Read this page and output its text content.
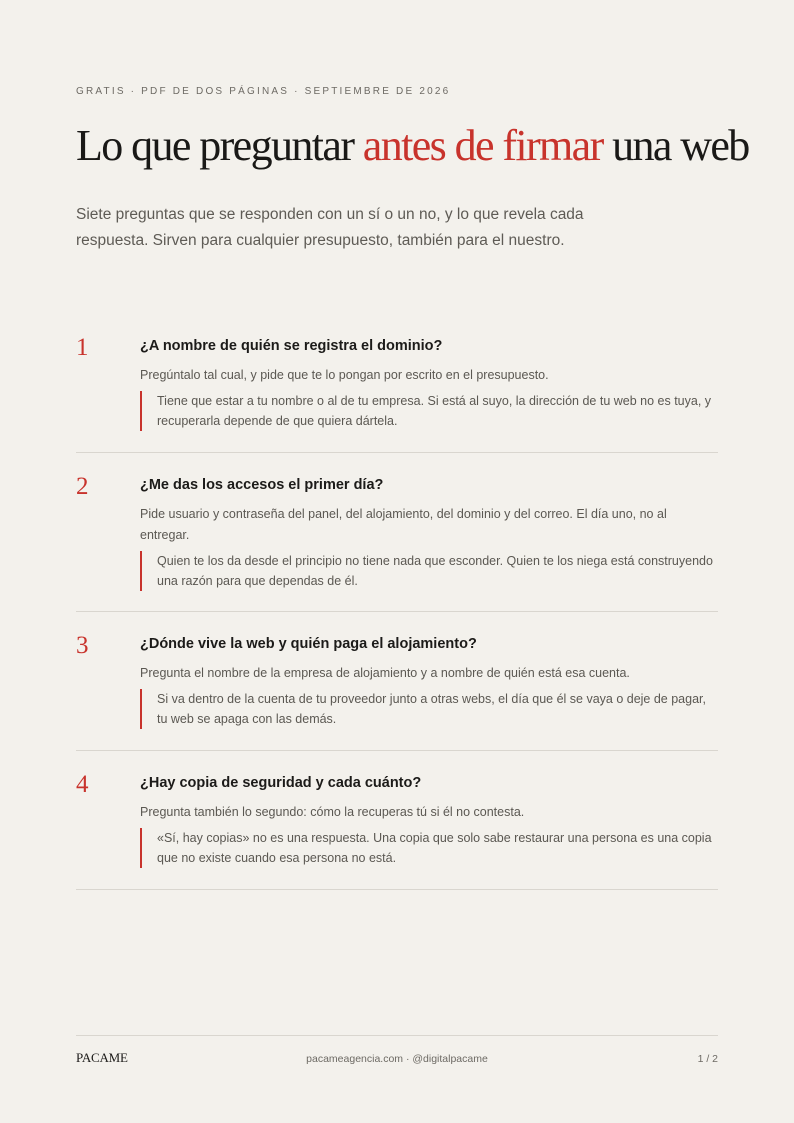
GRATIS · PDF DE DOS PÁGINAS · SEPTIEMBRE DE 2026
Lo que preguntar antes de firmar una web

Siete preguntas que se responden con un sí o un no, y lo que revela cada respuesta. Sirven para cualquier presupuesto, también para el nuestro.

1	¿A nombre de quién se registra el dominio?

Pregúntalo tal cual, y pide que te lo pongan por escrito en el presupuesto.

Tiene que estar a tu nombre o al de tu empresa. Si está al suyo, la dirección de tu web no es tuya, y recuperarla depende de que quiera dártela.

2	¿Me das los accesos el primer día?

Pide usuario y contraseña del panel, del alojamiento, del dominio y del correo. El día uno, no al entregar.

Quien te los da desde el principio no tiene nada que esconder. Quien te los niega está construyendo una razón para que dependas de él.

3	¿Dónde vive la web y quién paga el alojamiento?

Pregunta el nombre de la empresa de alojamiento y a nombre de quién está esa cuenta.

Si va dentro de la cuenta de tu proveedor junto a otras webs, el día que él se vaya o deje de pagar, tu web se apaga con las demás.

4	¿Hay copia de seguridad y cada cuánto?

Pregunta también lo segundo: cómo la recuperas tú si él no contesta.

«Sí, hay copias» no es una respuesta. Una copia que solo sabe restaurar una persona es una copia que no existe cuando esa persona no está.

PACAME	pacameagencia.com · @digitalpacame	1 / 2
